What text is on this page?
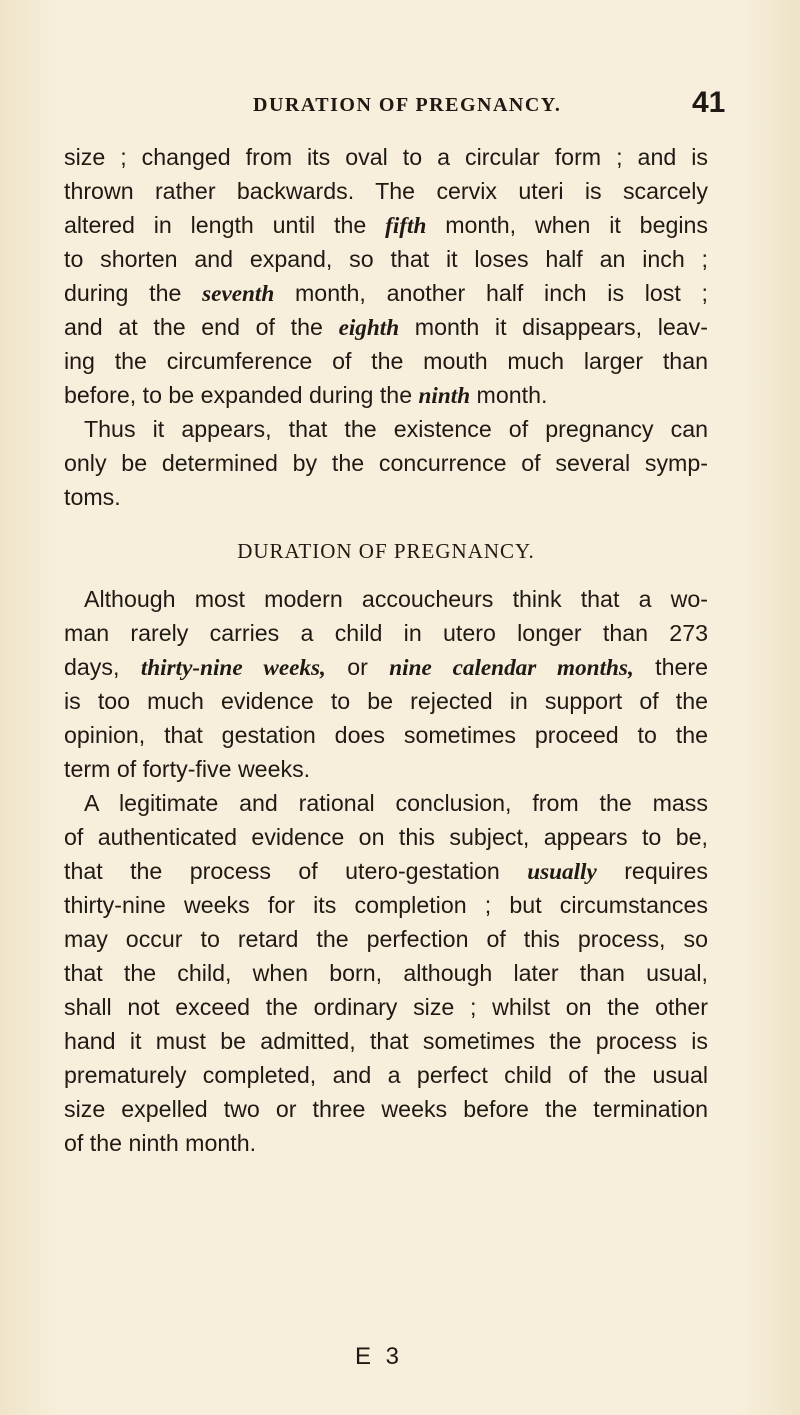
DURATION OF PREGNANCY.	41
size ; changed from its oval to a circular form ; and is
thrown rather backwards. The cervix uteri is scarcely
altered in length until the fifth month, when it begins
to shorten and expand, so that it loses half an inch ;
during the seventh month, another half inch is lost ;
and at the end of the eighth month it disappears, leav-
ing the circumference of the mouth much larger than
before, to be expanded during the ninth month.
Thus it appears, that the existence of pregnancy can
only be determined by the concurrence of several symp-
toms.
DURATION OF PREGNANCY.
Although most modern accoucheurs think that a wo-
man rarely carries a child in utero longer than 273
days, thirty-nine weeks, or nine calendar months, there
is too much evidence to be rejected in support of the
opinion, that gestation does sometimes proceed to the
term of forty-five weeks.
A legitimate and rational conclusion, from the mass
of authenticated evidence on this subject, appears to be,
that the process of utero-gestation usually requires
thirty-nine weeks for its completion ; but circumstances
may occur to retard the perfection of this process, so
that the child, when born, although later than usual,
shall not exceed the ordinary size ; whilst on the other
hand it must be admitted, that sometimes the process is
prematurely completed, and a perfect child of the usual
size expelled two or three weeks before the termination
of the ninth month.
E 3
